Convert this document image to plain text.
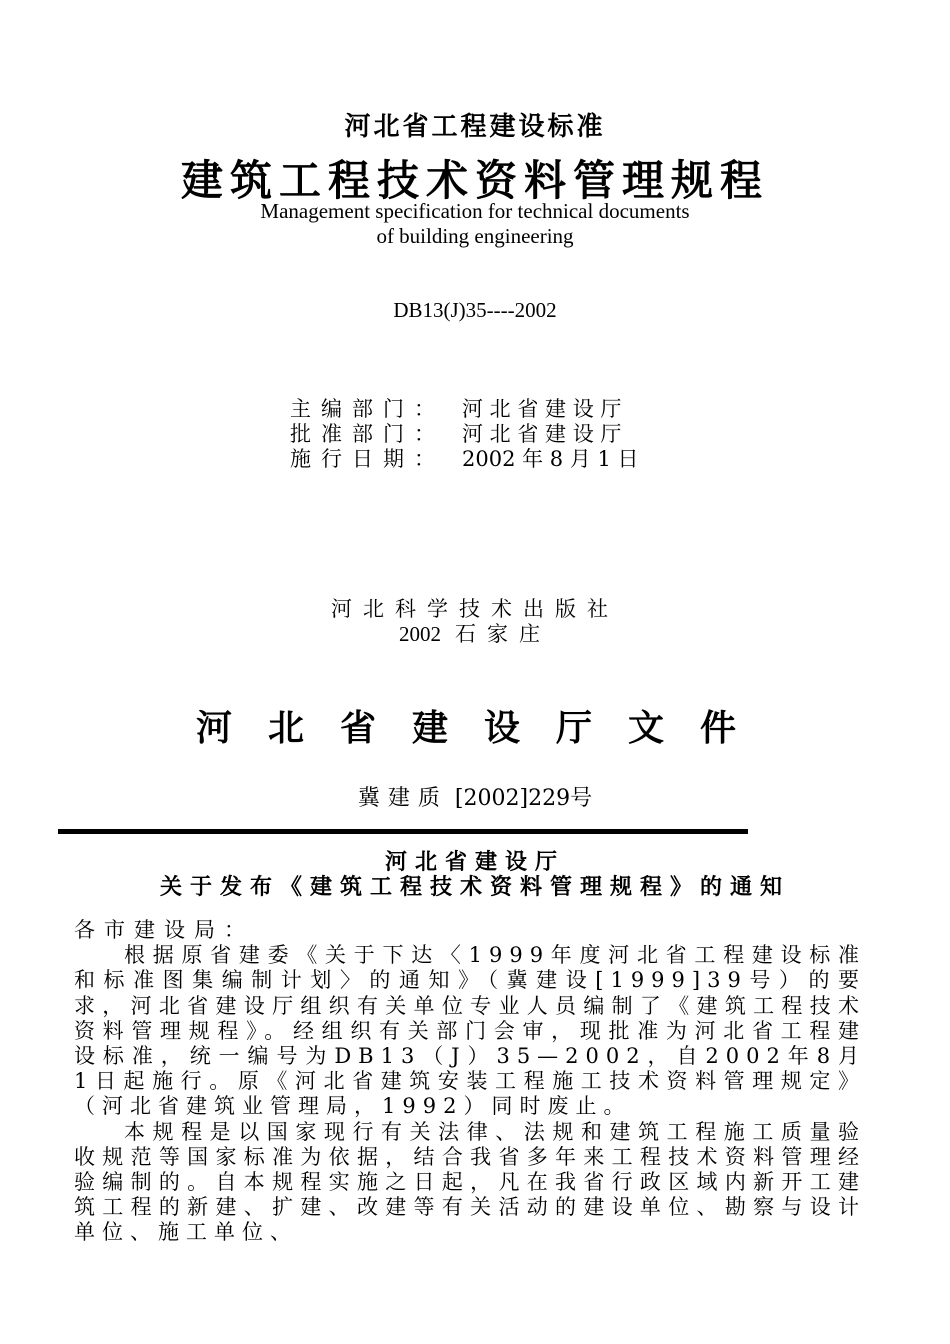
河北省工程建设标准
建筑工程技术资料管理规程
Management specification for technical documents
of building engineering
DB13(J)35----2002
主编部门： 河 北 省 建 设 厅
批准部门： 河 北 省 建 设 厅
施行日期： 2002 年 8 月 1 日
河北科学技术出版社
2002 石家庄
河北省建设厅文件
冀建质 [2002]229号
河北省建设厅
关于发布《建筑工程技术资料管理规程》的通知

各市建设局：

根据原省建委《关于下达〈1999年度河北省工程建设标准和标准图集编制计划〉的通知》（冀建设[1999]39号）的要求，河北省建设厅组织有关单位专业人员编制了《建筑工程技术资料管理规程》。经组织有关部门会审，现批准为河北省工程建设标准，统一编号为DB13（J）35—2002，自2002年8月1日起施行。原《河北省建筑安装工程施工技术资料管理规定》（河北省建筑业管理局，1992）同时废止。

本规程是以国家现行有关法律、法规和建筑工程施工质量验收规范等国家标准为依据，结合我省多年来工程技术资料管理经验编制的。自本规程实施之日起，凡在我省行政区域内新开工建筑工程的新建、扩建、改建等有关活动的建设单位、勘察与设计单位、施工单位、
